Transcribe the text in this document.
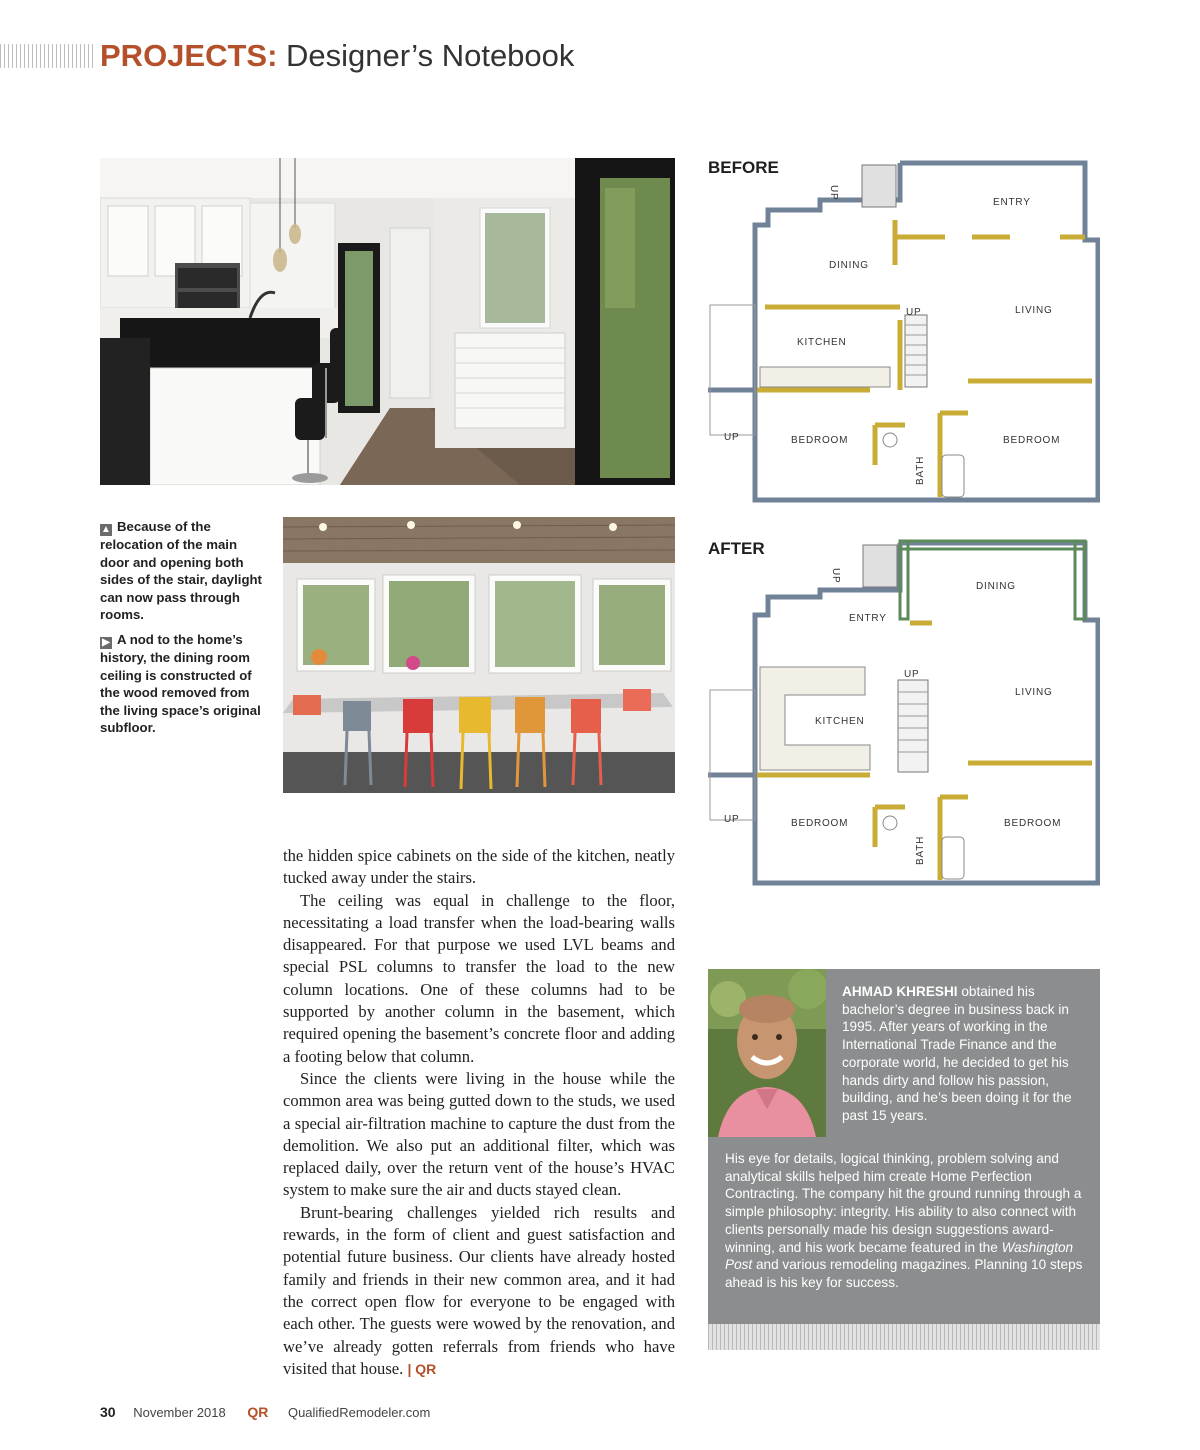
PROJECTS: Designer’s Notebook
▲ Because of the relocation of the main door and opening both sides of the stair, daylight can now pass through rooms.
▶ A nod to the home’s history, the dining room ceiling is constructed of the wood removed from the living space’s original subfloor.

the hidden spice cabinets on the side of the kitchen, neatly tucked away under the stairs.

The ceiling was equal in challenge to the floor, necessitating a load transfer when the load-bearing walls disappeared. For that purpose we used LVL beams and special PSL columns to transfer the load to the new column locations. One of these columns had to be supported by another column in the basement, which required opening the basement’s concrete floor and adding a footing below that column.

Since the clients were living in the house while the common area was being gutted down to the studs, we used a special air-filtration machine to capture the dust from the demolition. We also put an additional filter, which was replaced daily, over the return vent of the house’s HVAC system to make sure the air and ducts stayed clean.

Brunt-bearing challenges yielded rich results and rewards, in the form of client and guest satisfaction and potential future business. Our clients have already hosted family and friends in their new common area, and it had the correct open flow for everyone to be engaged with each other. The guests were wowed by the renovation, and we’ve already gotten referrals from friends who have visited that house. | QR

BEFORE
ENTRY
DINING
LIVING
KITCHEN
BEDROOM	BEDROOM
BATH
UP
UP
UP
AFTER
DINING
ENTRY
LIVING
KITCHEN
BEDROOM	BEDROOM
BATH
UP
UP
UP
AHMAD KHRESHI obtained his bachelor’s degree in business back in 1995. After years of working in the International Trade Finance and the corporate world, he decided to get his hands dirty and follow his passion, building, and he’s been doing it for the past 15 years.
His eye for details, logical thinking, problem solving and analytical skills helped him create Home Perfection Contracting. The company hit the ground running through a simple philosophy: integrity. His ability to also connect with clients personally made his design suggestions award-winning, and his work became featured in the Washington Post and various remodeling magazines. Planning 10 steps ahead is his key for success.
30 November 2018 QR QualifiedRemodeler.com
